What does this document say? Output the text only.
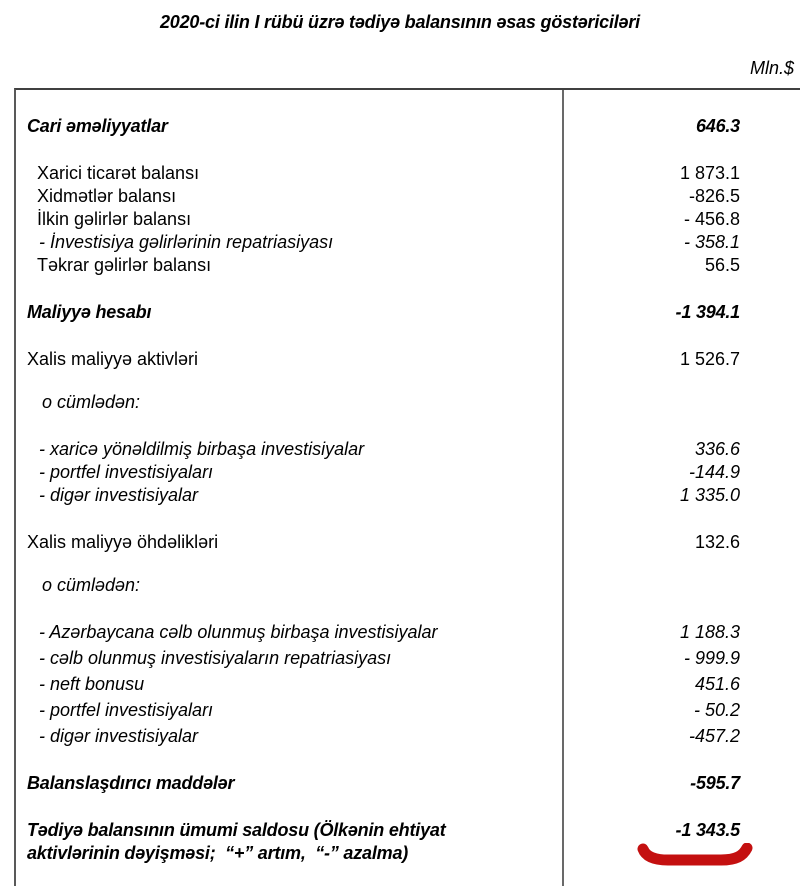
2020-ci ilin I rübü üzrə tədiyə balansının əsas göstəriciləri
Mln.$
Cari əməliyyatlar	646.3
Xarici ticarət balansı	1 873.1
Xidmətlər balansı	-826.5
İlkin gəlirlər balansı	- 456.8
- İnvestisiya gəlirlərinin repatriasiyası	- 358.1
Təkrar gəlirlər balansı	56.5
Maliyyə hesabı	-1 394.1
Xalis maliyyə aktivləri	1 526.7
o cümlədən:
- xaricə yönəldilmiş birbaşa investisiyalar	336.6
- portfel investisiyaları	-144.9
- digər investisiyalar	1 335.0
Xalis maliyyə öhdəlikləri	132.6
o cümlədən:
- Azərbaycana cəlb olunmuş birbaşa investisiyalar	1 188.3
- cəlb olunmuş investisiyaların repatriasiyası	- 999.9
- neft bonusu	451.6
- portfel investisiyaları	- 50.2
- digər investisiyalar	-457.2
Balanslaşdırıcı maddələr	-595.7
Tədiyə balansının ümumi saldosu (Ölkənin ehtiyat
aktivlərinin dəyişməsi;  “+” artım,  “-” azalma)
-1 343.5
